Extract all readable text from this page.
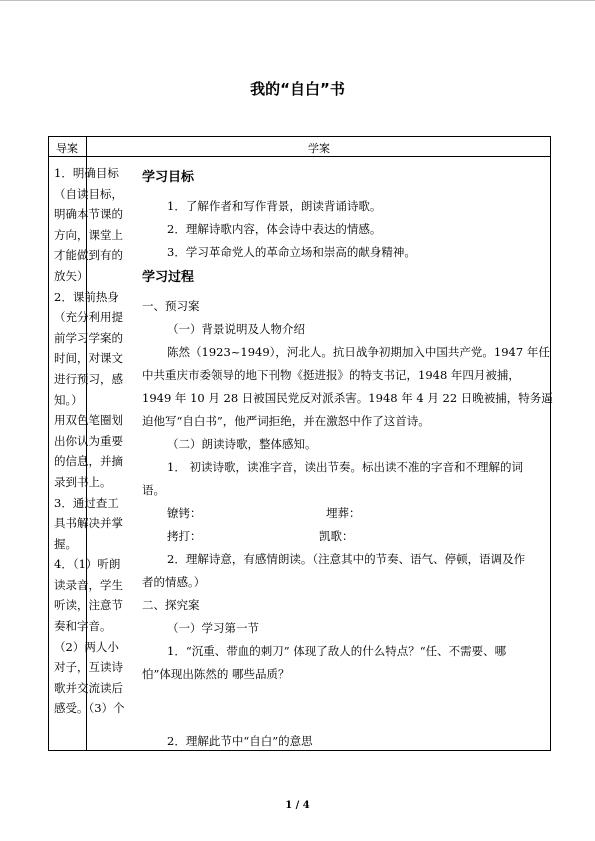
我的“自白”书
导案	学案

1．明确目标

（自读目标，

明确本节课的

方向，课堂上

才能做到有的

放矢）

2．课前热身

（充分利用提

前学习学案的

时间，对课文

进行预习，感

知。）

用双色笔圈划

出你认为重要

的信息，并摘

录到书上。

3．通过查工

具书解决并掌

握。

4．（1）听朗

读录音，学生

听读，注意节

奏和字音。

（2）两人小

对子，互读诗

歌并交流读后

感受。（3）个

学习目标
1．了解作者和写作背景，朗读背诵诗歌。
2．理解诗歌内容，体会诗中表达的情感。
3．学习革命党人的革命立场和崇高的献身精神。
学习过程
一、预习案
（一）背景说明及人物介绍
陈然（1923~1949），河北人。抗日战争初期加入中国共产党。1947 年任
中共重庆市委领导的地下刊物《挺进报》的特支书记，1948 年四月被捕，
1949 年 10 月 28 日被国民党反对派杀害。1948 年 4 月 22 日晚被捕，特务逼
迫他写“自白书”，他严词拒绝，并在激怒中作了这首诗。
（二）朗读诗歌，整体感知。
1． 初读诗歌，读准字音，读出节奏。标出读不准的字音和不理解的词
语。
镣铐：	埋葬：
拷打：	凯歌：
2．理解诗意，有感情朗读。（注意其中的节奏、语气、停顿，语调及作
者的情感。）
二、探究案
（一）学习第一节
1．“沉重、带血的刺刀” 体现了敌人的什么特点？“任、不需要、哪
怕”体现出陈然的 哪些品质？
2．理解此节中“自白”的意思
1 / 4
